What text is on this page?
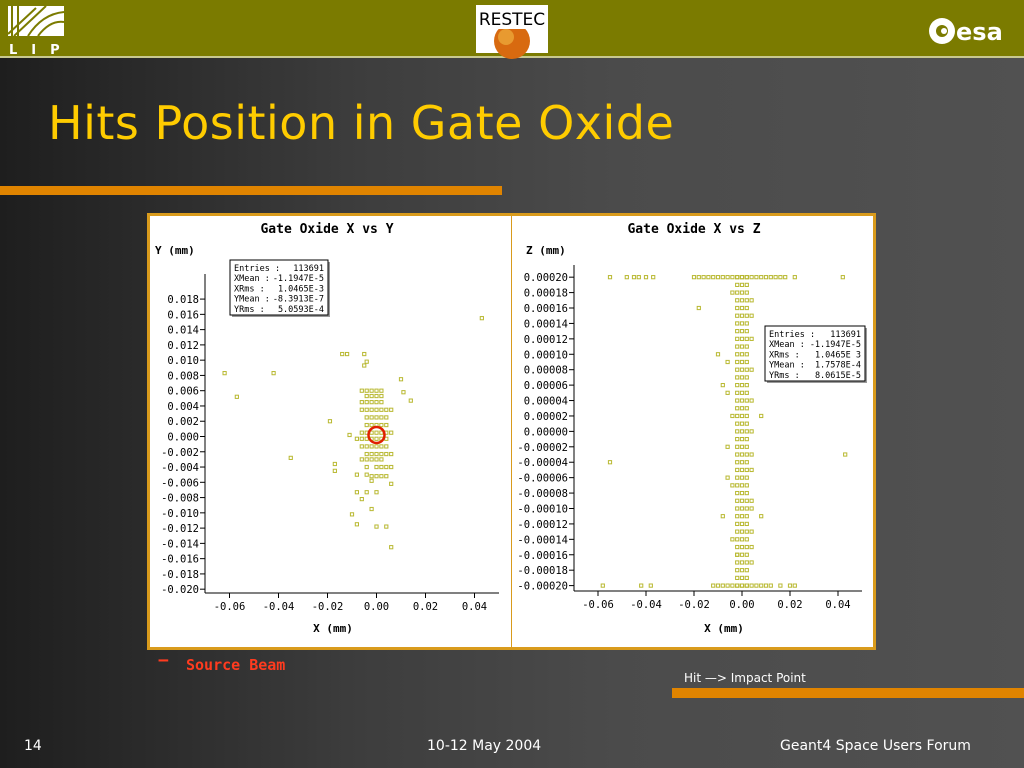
LIP
RESTEC	esa
Hits Position in Gate Oxide
Gate Oxide X vs Y
Y (mm)
X (mm)
0.018
0.016
0.014
0.012
0.010
0.008
0.006
0.004
0.002
0.000
-0.002
-0.004
-0.006
-0.008
-0.010
-0.012
-0.014
-0.016
-0.018
-0.020
-0.06 -0.04 -0.02 0.00 0.02 0.04
Entries : 113691
XMean : -1.1947E-5
XRms : 1.0465E-3
YMean : -8.3913E-7
YRms : 5.0593E-4
Gate Oxide X vs Z
Z (mm)
X (mm)
0.00020
0.00018
0.00016
0.00014
0.00012
0.00010
0.00008
0.00006
0.00004
0.00002
0.00000
-0.00002
-0.00004
-0.00006
-0.00008
-0.00010
-0.00012
-0.00014
-0.00016
-0.00018
-0.00020
-0.06 -0.04 -0.02 0.00 0.02 0.04
Entries : 113691
XMean : -1.1947E-5
XRms : 1.0465E 3
YMean : 1.7578E-4
YRms : 8.0615E-5
− Source Beam
Hit —> Impact Point
14	10-12 May 2004	Geant4 Space Users Forum
